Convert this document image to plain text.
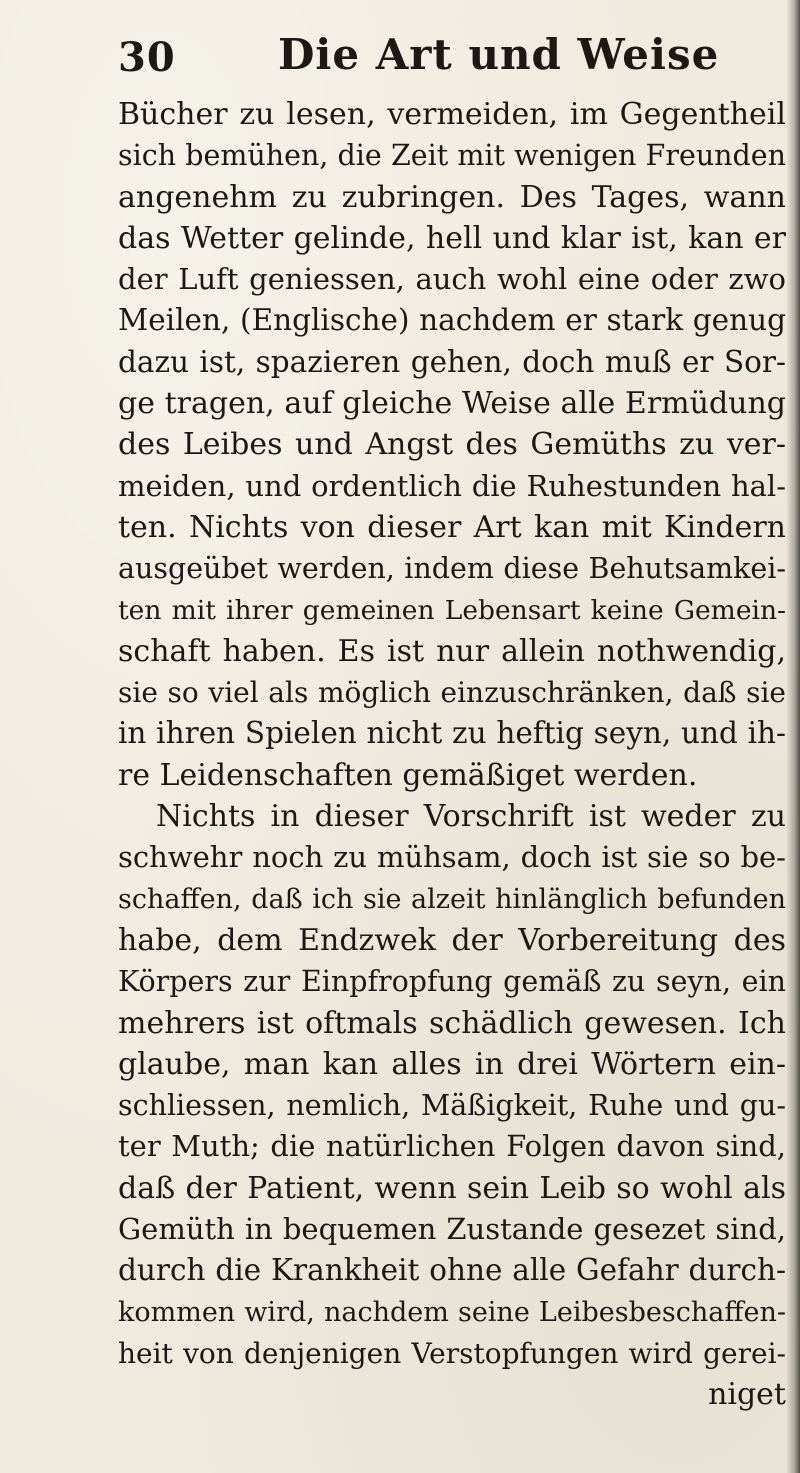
30 Die Art und Weise
Bücher zu lesen, vermeiden, im Gegentheil
sich bemühen, die Zeit mit wenigen Freunden
angenehm zu zubringen. Des Tages, wann
das Wetter gelinde, hell und klar ist, kan er
der Luft geniessen, auch wohl eine oder zwo
Meilen, (Englische) nachdem er stark genug
dazu ist, spazieren gehen, doch muß er Sor-
ge tragen, auf gleiche Weise alle Ermüdung
des Leibes und Angst des Gemüths zu ver-
meiden, und ordentlich die Ruhestunden hal-
ten. Nichts von dieser Art kan mit Kindern
ausgeübet werden, indem diese Behutsamkei-
ten mit ihrer gemeinen Lebensart keine Gemein-
schaft haben. Es ist nur allein nothwendig,
sie so viel als möglich einzuschränken, daß sie
in ihren Spielen nicht zu heftig seyn, und ih-
re Leidenschaften gemäßiget werden.
Nichts in dieser Vorschrift ist weder zu
schwehr noch zu mühsam, doch ist sie so be-
schaffen, daß ich sie alzeit hinlänglich befunden
habe, dem Endzwek der Vorbereitung des
Körpers zur Einpfropfung gemäß zu seyn, ein
mehrers ist oftmals schädlich gewesen. Ich
glaube, man kan alles in drei Wörtern ein-
schliessen, nemlich, Mäßigkeit, Ruhe und gu-
ter Muth; die natürlichen Folgen davon sind,
daß der Patient, wenn sein Leib so wohl als
Gemüth in bequemen Zustande gesezet sind,
durch die Krankheit ohne alle Gefahr durch-
kommen wird, nachdem seine Leibesbeschaffen-
heit von denjenigen Verstopfungen wird gerei-
niget
